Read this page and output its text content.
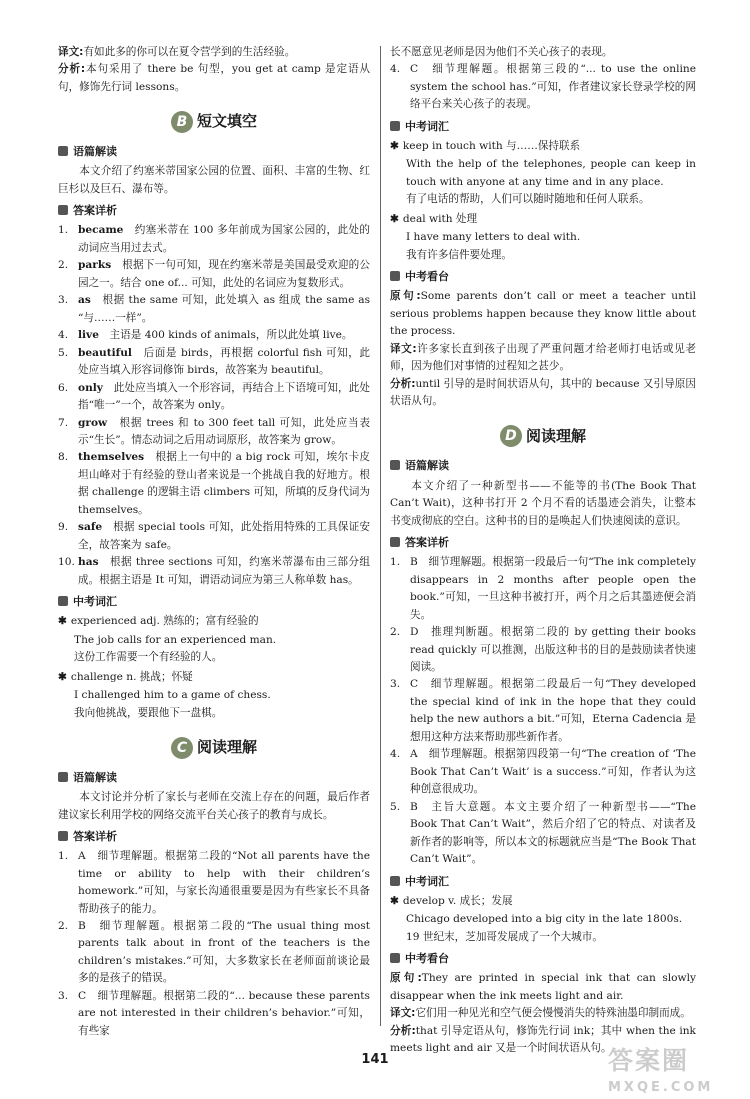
译文:有如此多的你可以在夏令营学到的生活经验。

分析:本句采用了 there be 句型，you get at camp 是定语从句，修饰先行词 lessons。

B 短文填空
语篇解读

本文介绍了约塞米蒂国家公园的位置、面积、丰富的生物、红巨杉以及巨石、瀑布等。

答案详析
1. became　 约塞米蒂在 100 多年前成为国家公园的，此处的动词应当用过去式。
2. parks　 根据下一句可知，现在约塞米蒂是美国最受欢迎的公园之一。结合 one of... 可知，此处的名词应为复数形式。
3. as　 根据 the same 可知，此处填入 as 组成 the same as “与……一样”。
4. live　 主语是 400 kinds of animals，所以此处填 live。
5. beautiful　 后面是 birds，再根据 colorful fish 可知，此处应当填入形容词修饰 birds，故答案为 beautiful。
6. only　 此处应当填入一个形容词，再结合上下语境可知，此处指“唯一”一个，故答案为 only。
7. grow　 根据 trees 和 to 300 feet tall 可知，此处应当表示“生长”。情态动词之后用动词原形，故答案为 grow。
8. themselves　 根据上一句中的 a big rock 可知，埃尔卡皮坦山峰对于有经验的登山者来说是一个挑战自我的好地方。根据 challenge 的逻辑主语 climbers 可知，所填的反身代词为 themselves。
9. safe　 根据 special tools 可知，此处指用特殊的工具保证安全，故答案为 safe。
10. has　 根据 three sections 可知，约塞米蒂瀑布由三部分组成。根据主语是 It 可知，谓语动词应为第三人称单数 has。
中考词汇
✱ experienced adj. 熟练的；富有经验的

The job calls for an experienced man.

这份工作需要一个有经验的人。

✱ challenge n. 挑战；怀疑

I challenged him to a game of chess.

我向他挑战，要跟他下一盘棋。

C 阅读理解
语篇解读

本文讨论并分析了家长与老师在交流上存在的问题，最后作者建议家长利用学校的网络交流平台关心孩子的教育与成长。

答案详析
1. A　细节理解题。根据第二段的“Not all parents have the time or ability to help with their children’s homework.”可知，与家长沟通很重要是因为有些家长不具备帮助孩子的能力。
2. B　细节理解题。根据第二段的“The usual thing most parents talk about in front of the teachers is the children’s mistakes.”可知，大多数家长在老师面前谈论最多的是孩子的错误。
3. C　细节理解题。根据第二段的“... because these parents are not interested in their children’s behavior.”可知，有些家

长不愿意见老师是因为他们不关心孩子的表现。

4. C　细节理解题。根据第三段的“... to use the online system the school has.”可知，作者建议家长登录学校的网络平台来关心孩子的表现。
中考词汇
✱ keep in touch with 与……保持联系

With the help of the telephones, people can keep in touch with anyone at any time and in any place.

有了电话的帮助，人们可以随时随地和任何人联系。

✱ deal with 处理

I have many letters to deal with.

我有许多信件要处理。

中考看台

原句:Some parents don’t call or meet a teacher until serious problems happen because they know little about the process.

译文:许多家长直到孩子出现了严重问题才给老师打电话或见老师，因为他们对事情的过程知之甚少。

分析:until 引导的是时间状语从句，其中的 because 又引导原因状语从句。

D 阅读理解
语篇解读

本文介绍了一种新型书——不能等的书(The Book That Can’t Wait)，这种书打开 2 个月不看的话墨迹会消失，让整本书变成彻底的空白。这种书的目的是唤起人们快速阅读的意识。

答案详析
1. B　细节理解题。根据第一段最后一句“The ink completely disappears in 2 months after people open the book.”可知，一旦这种书被打开，两个月之后其墨迹便会消失。
2. D　推理判断题。根据第二段的 by getting their books read quickly 可以推测，出版这种书的目的是鼓励读者快速阅读。
3. C　细节理解题。根据第二段最后一句“They developed the special kind of ink in the hope that they could help the new authors a bit.”可知，Eterna Cadencia 是想用这种方法来帮助那些新作者。
4. A　细节理解题。根据第四段第一句“The creation of ‘The Book That Can’t Wait’ is a success.”可知，作者认为这种创意很成功。
5. B　主旨大意题。本文主要介绍了一种新型书——“The Book That Can’t Wait”，然后介绍了它的特点、对读者及新作者的影响等，所以本文的标题就应当是“The Book That Can’t Wait”。
中考词汇
✱ develop v. 成长；发展

Chicago developed into a big city in the late 1800s.

19 世纪末，芝加哥发展成了一个大城市。

中考看台

原句:They are printed in special ink that can slowly disappear when the ink meets light and air.

译文:它们用一种见光和空气便会慢慢消失的特殊油墨印制而成。

分析:that 引导定语从句，修饰先行词 ink；其中 when the ink meets light and air 又是一个时间状语从句。

141	答案圈
MXQE.COM
